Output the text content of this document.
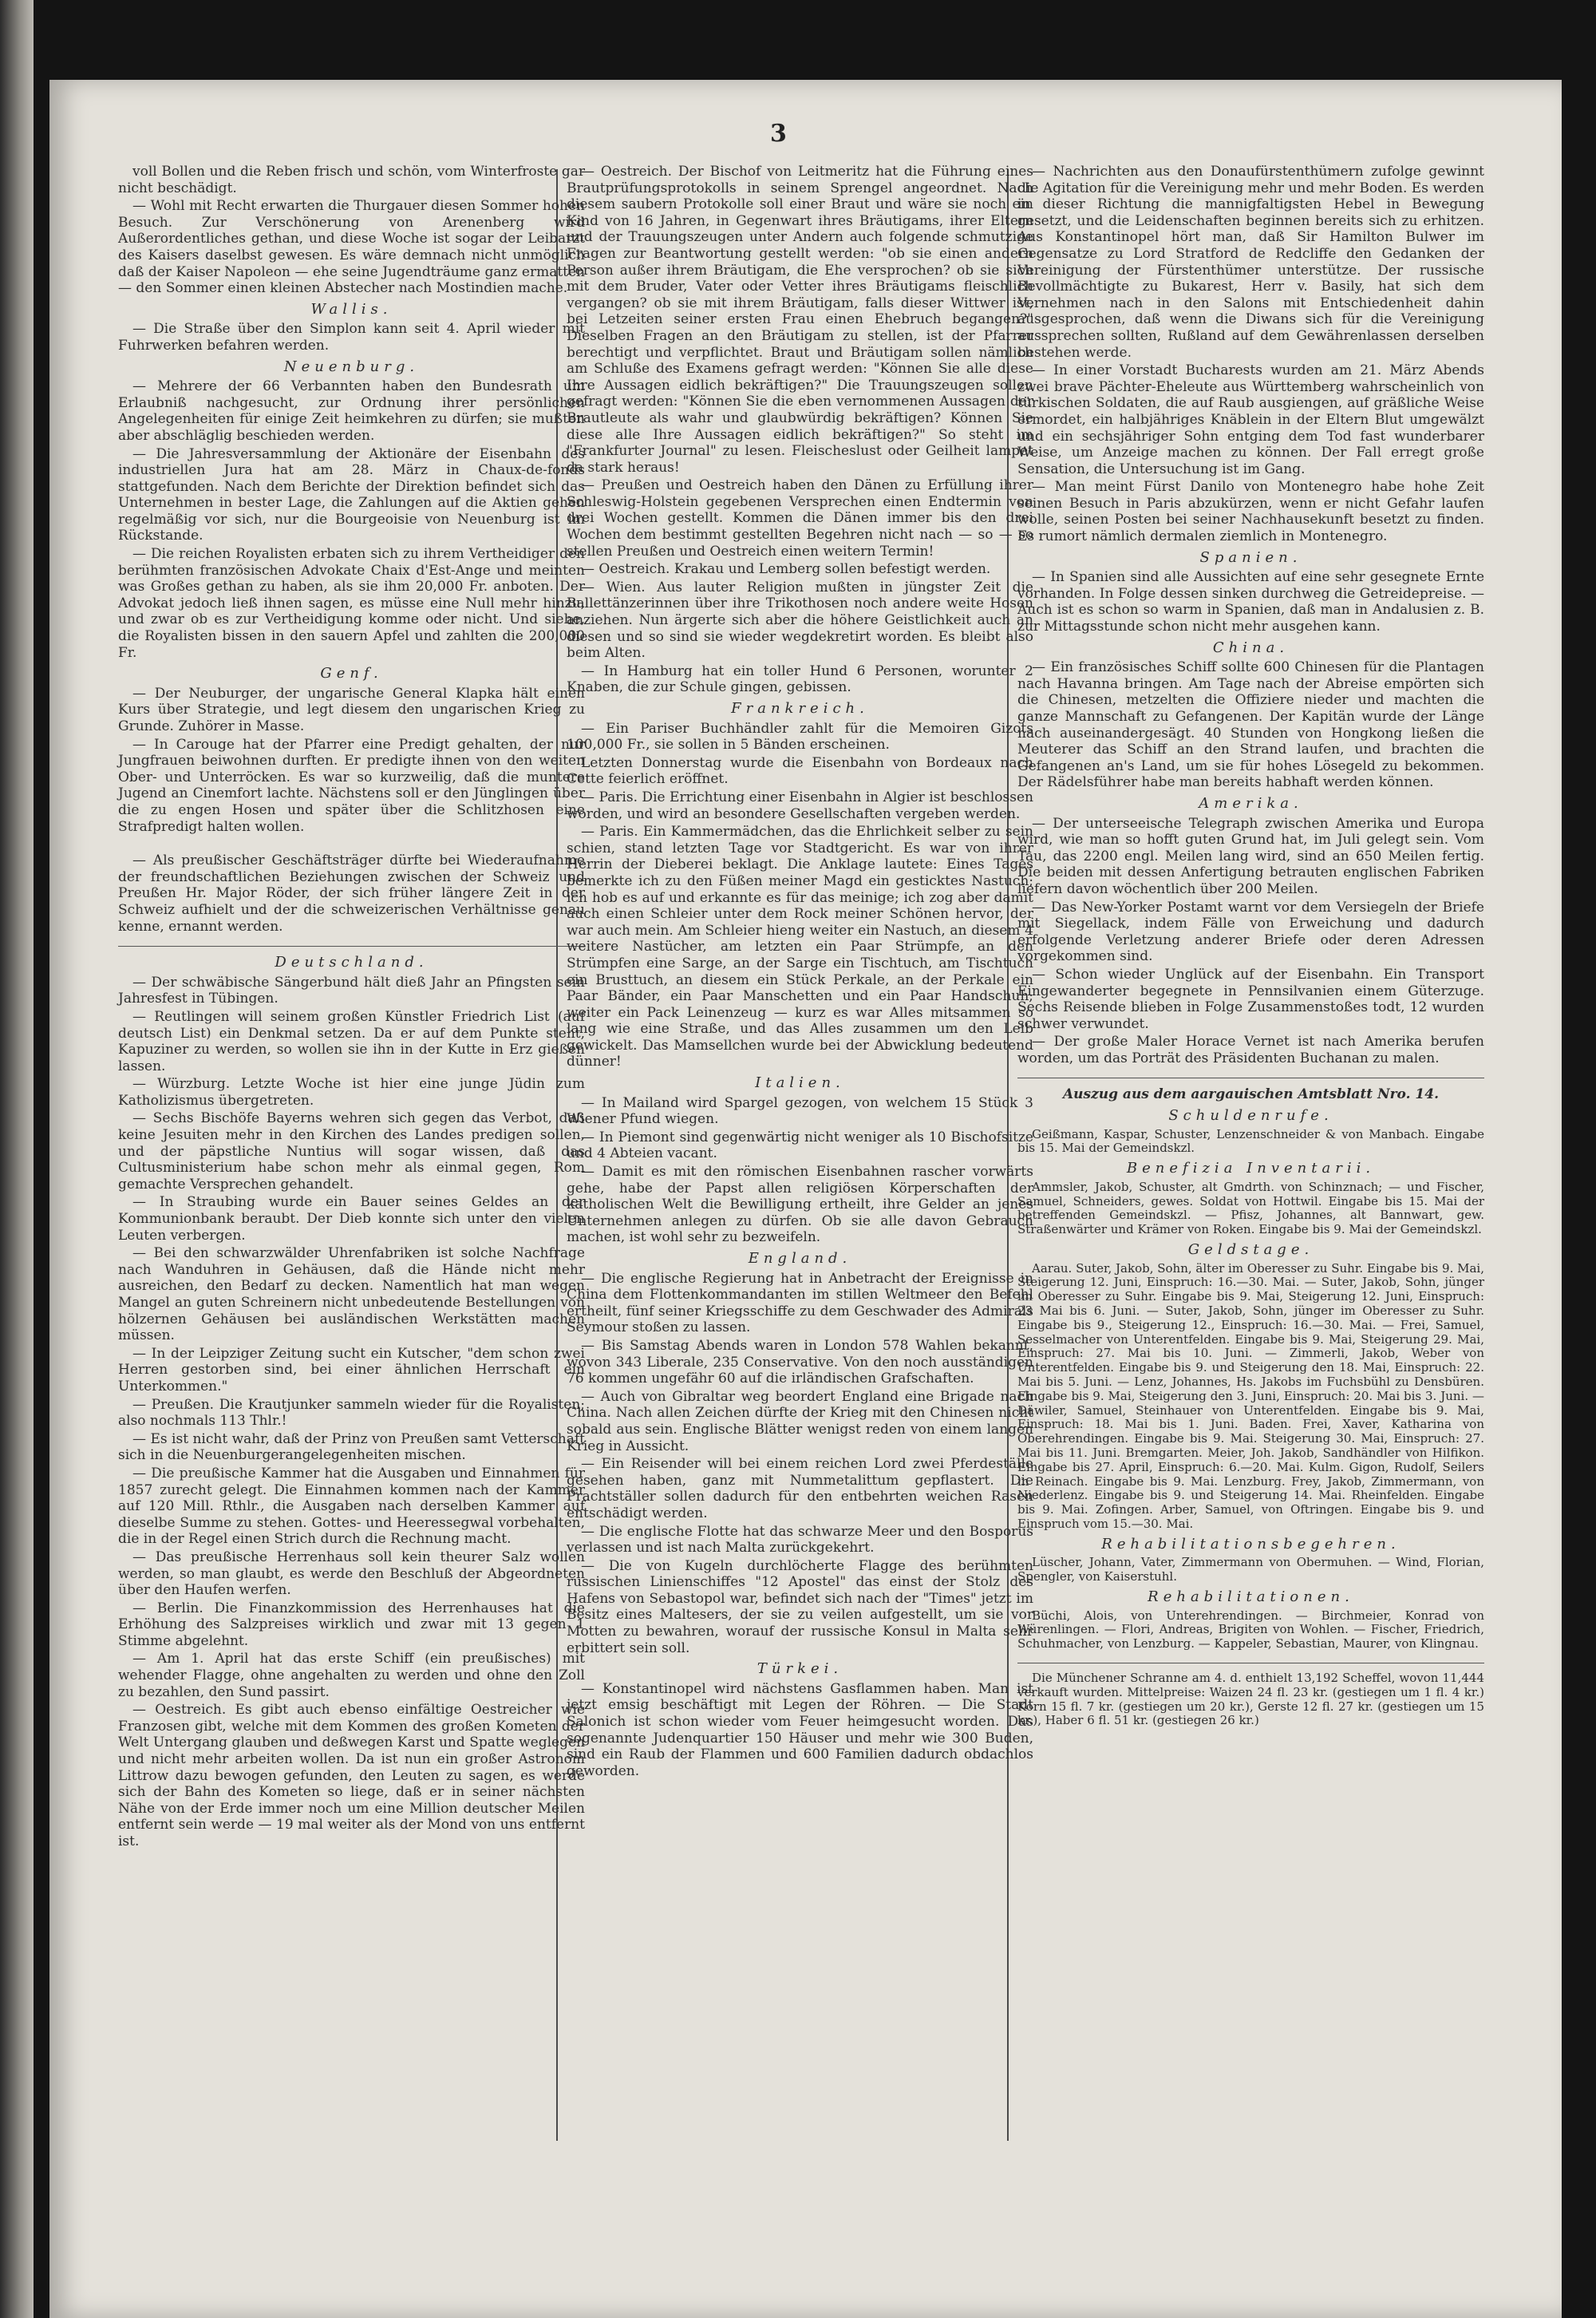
3

voll Bollen und die Reben frisch und schön, vom Winterfroste gar nicht beschädigt.

— Wohl mit Recht erwarten die Thurgauer diesen Sommer hohen Besuch. Zur Verschönerung von Arenenberg wird Außerordentliches gethan, und diese Woche ist sogar der Leibarzt des Kaisers daselbst gewesen. Es wäre demnach nicht unmöglich daß der Kaiser Napoleon — ehe seine Jugendträume ganz ermatten — den Sommer einen kleinen Abstecher nach Mostindien mache.

Wallis.

— Die Straße über den Simplon kann seit 4. April wieder mit Fuhrwerken befahren werden.

Neuenburg.

— Mehrere der 66 Verbannten haben den Bundesrath um Erlaubniß nachgesucht, zur Ordnung ihrer persönlichen Angelegenheiten für einige Zeit heimkehren zu dürfen; sie mußten aber abschläglig beschieden werden.

— Die Jahresversammlung der Aktionäre der Eisenbahn des industriellen Jura hat am 28. März in Chaux-de-fonds stattgefunden. Nach dem Berichte der Direktion befindet sich das Unternehmen in bester Lage, die Zahlungen auf die Aktien gehen regelmäßig vor sich, nur die Bourgeoisie von Neuenburg ist im Rückstande.

— Die reichen Royalisten erbaten sich zu ihrem Vertheidiger den berühmten französischen Advokate Chaix d'Est-Ange und meinten was Großes gethan zu haben, als sie ihm 20,000 Fr. anboten. Der Advokat jedoch ließ ihnen sagen, es müsse eine Null mehr hinzu, und zwar ob es zur Vertheidigung komme oder nicht. Und siehe, die Royalisten bissen in den sauern Apfel und zahlten die 200,000 Fr.

Genf.

— Der Neuburger, der ungarische General Klapka hält einen Kurs über Strategie, und legt diesem den ungarischen Krieg zu Grunde. Zuhörer in Masse.

— In Carouge hat der Pfarrer eine Predigt gehalten, der nur Jungfrauen beiwohnen durften. Er predigte ihnen von den weiten Ober- und Unterröcken. Es war so kurzweilig, daß die muntere Jugend an Cinemfort lachte. Nächstens soll er den Jünglingen über die zu engen Hosen und später über die Schlitzhosen eine Strafpredigt halten wollen.

— Als preußischer Geschäftsträger dürfte bei Wiederaufnahme der freundschaftlichen Beziehungen zwischen der Schweiz und Preußen Hr. Major Röder, der sich früher längere Zeit in der Schweiz aufhielt und der die schweizerischen Verhältnisse genau kenne, ernannt werden.

Deutschland.

— Der schwäbische Sängerbund hält dieß Jahr an Pfingsten sein Jahresfest in Tübingen.

— Reutlingen will seinem großen Künstler Friedrich List (auf deutsch List) ein Denkmal setzen. Da er auf dem Punkte steht, Kapuziner zu werden, so wollen sie ihn in der Kutte in Erz gießen lassen.

— Würzburg. Letzte Woche ist hier eine junge Jüdin zum Katholizismus übergetreten.

— Sechs Bischöfe Bayerns wehren sich gegen das Verbot, daß keine Jesuiten mehr in den Kirchen des Landes predigen sollen, und der päpstliche Nuntius will sogar wissen, daß das Cultusministerium habe schon mehr als einmal gegen, Rom gemachte Versprechen gehandelt.

— In Straubing wurde ein Bauer seines Geldes an der Kommunionbank beraubt. Der Dieb konnte sich unter den vielen Leuten verbergen.

— Bei den schwarzwälder Uhrenfabriken ist solche Nachfrage nach Wanduhren in Gehäusen, daß die Hände nicht mehr ausreichen, den Bedarf zu decken. Namentlich hat man wegen Mangel an guten Schreinern nicht unbedeutende Bestellungen von hölzernen Gehäusen bei ausländischen Werkstätten machen müssen.

— In der Leipziger Zeitung sucht ein Kutscher, "dem schon zwei Herren gestorben sind, bei einer ähnlichen Herrschaft ein Unterkommen."

— Preußen. Die Krautjunker sammeln wieder für die Royalisten; also nochmals 113 Thlr.!

— Es ist nicht wahr, daß der Prinz von Preußen samt Vetterschaft sich in die Neuenburgerangelegenheiten mischen.

— Die preußische Kammer hat die Ausgaben und Einnahmen für 1857 zurecht gelegt. Die Einnahmen kommen nach der Kammer auf 120 Mill. Rthlr., die Ausgaben nach derselben Kammer auf dieselbe Summe zu stehen. Gottes- und Heeressegwal vorbehalten, die in der Regel einen Strich durch die Rechnung macht.

— Das preußische Herrenhaus soll kein theurer Salz wollen werden, so man glaubt, es werde den Beschluß der Abgeordneten über den Haufen werfen.

— Berlin. Die Finanzkommission des Herrenhauses hat die Erhöhung des Salzpreises wirklich und zwar mit 13 gegen 1 Stimme abgelehnt.

— Am 1. April hat das erste Schiff (ein preußisches) mit wehender Flagge, ohne angehalten zu werden und ohne den Zoll zu bezahlen, den Sund passirt.

— Oestreich. Es gibt auch ebenso einfältige Oestreicher wie Franzosen gibt, welche mit dem Kommen des großen Kometen der Welt Untergang glauben und deßwegen Karst und Spatte weglegen und nicht mehr arbeiten wollen. Da ist nun ein großer Astronom Littrow dazu bewogen gefunden, den Leuten zu sagen, es werde sich der Bahn des Kometen so liege, daß er in seiner nächsten Nähe von der Erde immer noch um eine Million deutscher Meilen entfernt sein werde — 19 mal weiter als der Mond von uns entfernt ist.

— Oestreich. Der Bischof von Leitmeritz hat die Führung eines Brautprüfungsprotokolls in seinem Sprengel angeordnet. Nach diesem saubern Protokolle soll einer Braut und wäre sie noch ein Kind von 16 Jahren, in Gegenwart ihres Bräutigams, ihrer Eltern und der Trauungszeugen unter Andern auch folgende schmutzige Fragen zur Beantwortung gestellt werden: "ob sie einen andern Person außer ihrem Bräutigam, die Ehe versprochen? ob sie sich mit dem Bruder, Vater oder Vetter ihres Bräutigams fleischlich vergangen? ob sie mit ihrem Bräutigam, falls dieser Wittwer ist, bei Letzeiten seiner ersten Frau einen Ehebruch begangen?" Dieselben Fragen an den Bräutigam zu stellen, ist der Pfarrer berechtigt und verpflichtet. Braut und Bräutigam sollen nämlich am Schluße des Examens gefragt werden: "Können Sie alle diese Ihre Aussagen eidlich bekräftigen?" Die Trauungszeugen sollen gefragt werden: "Können Sie die eben vernommenen Aussagen der Brautleute als wahr und glaubwürdig bekräftigen? Können Sie diese alle Ihre Aussagen eidlich bekräftigen?" So steht im "Frankfurter Journal" zu lesen. Fleischeslust oder Geilheit lampet da stark heraus!

— Preußen und Oestreich haben den Dänen zu Erfüllung ihrer Schleswig-Holstein gegebenen Versprechen einen Endtermin von drei Wochen gestellt. Kommen die Dänen immer bis den drei Wochen dem bestimmt gestellten Begehren nicht nach — so — so stellen Preußen und Oestreich einen weitern Termin!

— Oestreich. Krakau und Lemberg sollen befestigt werden.

— Wien. Aus lauter Religion mußten in jüngster Zeit die Ballettänzerinnen über ihre Trikothosen noch andere weite Hosen anziehen. Nun ärgerte sich aber die höhere Geistlichkeit auch an diesen und so sind sie wieder wegdekretirt worden. Es bleibt also beim Alten.

— In Hamburg hat ein toller Hund 6 Personen, worunter 2 Knaben, die zur Schule gingen, gebissen.

Frankreich.

— Ein Pariser Buchhändler zahlt für die Memoiren Gizots 100,000 Fr., sie sollen in 5 Bänden erscheinen.

Letzten Donnerstag wurde die Eisenbahn von Bordeaux nach Cette feierlich eröffnet.

— Paris. Die Errichtung einer Eisenbahn in Algier ist beschlossen worden, und wird an besondere Gesellschaften vergeben werden.

— Paris. Ein Kammermädchen, das die Ehrlichkeit selber zu sein schien, stand letzten Tage vor Stadtgericht. Es war von ihrer Herrin der Dieberei beklagt. Die Anklage lautete: Eines Tages bemerkte ich zu den Füßen meiner Magd ein gesticktes Nastuch; ich hob es auf und erkannte es für das meinige; ich zog aber damit auch einen Schleier unter dem Rock meiner Schönen hervor, der war auch mein. Am Schleier hieng weiter ein Nastuch, an diesem 4 weitere Nastücher, am letzten ein Paar Strümpfe, an den Strümpfen eine Sarge, an der Sarge ein Tischtuch, am Tischtuch ein Brusttuch, an diesem ein Stück Perkale, an der Perkale ein Paar Bänder, ein Paar Manschetten und ein Paar Handschuh; weiter ein Pack Leinenzeug — kurz es war Alles mitsammen so lang wie eine Straße, und das Alles zusammen um den Leib gewickelt. Das Mamsellchen wurde bei der Abwicklung bedeutend dünner!

Italien.

— In Mailand wird Spargel gezogen, von welchem 15 Stück 3 Wiener Pfund wiegen.

— In Piemont sind gegenwärtig nicht weniger als 10 Bischofsitze und 4 Abteien vacant.

— Damit es mit den römischen Eisenbahnen rascher vorwärts gehe, habe der Papst allen religiösen Körperschaften der katholischen Welt die Bewilligung ertheilt, ihre Gelder an jenes Unternehmen anlegen zu dürfen. Ob sie alle davon Gebrauch machen, ist wohl sehr zu bezweifeln.

England.

— Die englische Regierung hat in Anbetracht der Ereignisse in China dem Flottenkommandanten im stillen Weltmeer den Befehl ertheilt, fünf seiner Kriegsschiffe zu dem Geschwader des Admirals Seymour stoßen zu lassen.

— Bis Samstag Abends waren in London 578 Wahlen bekannt, wovon 343 Liberale, 235 Conservative. Von den noch ausständigen 76 kommen ungefähr 60 auf die irländischen Grafschaften.

— Auch von Gibraltar weg beordert England eine Brigade nach China. Nach allen Zeichen dürfte der Krieg mit den Chinesen nicht sobald aus sein. Englische Blätter wenigst reden von einem langen Krieg in Aussicht.

— Ein Reisender will bei einem reichen Lord zwei Pferdeställe gesehen haben, ganz mit Nummetalittum gepflastert. Die Prachtställer sollen dadurch für den entbehrten weichen Rasen entschädigt werden.

— Die englische Flotte hat das schwarze Meer und den Bosporus verlassen und ist nach Malta zurückgekehrt.

— Die von Kugeln durchlöcherte Flagge des berühmten russischen Linienschiffes "12 Apostel" das einst der Stolz des Hafens von Sebastopol war, befindet sich nach der "Times" jetzt im Besitz eines Maltesers, der sie zu veilen aufgestellt, um sie vor Motten zu bewahren, worauf der russische Konsul in Malta sehr erbittert sein soll.

Türkei.

— Konstantinopel wird nächstens Gasflammen haben. Man ist jetzt emsig beschäftigt mit Legen der Röhren. — Die Stadt Salonich ist schon wieder vom Feuer heimgesucht worden. Das sogenannte Judenquartier 150 Häuser und mehr wie 300 Buden, sind ein Raub der Flammen und 600 Familien dadurch obdachlos geworden.

— Nachrichten aus den Donaufürstenthümern zufolge gewinnt die Agitation für die Vereinigung mehr und mehr Boden. Es werden in dieser Richtung die mannigfaltigsten Hebel in Bewegung gesetzt, und die Leidenschaften beginnen bereits sich zu erhitzen. Aus Konstantinopel hört man, daß Sir Hamilton Bulwer im Gegensatze zu Lord Stratford de Redcliffe den Gedanken der Vereinigung der Fürstenthümer unterstütze. Der russische Bevollmächtigte zu Bukarest, Herr v. Basily, hat sich dem Vernehmen nach in den Salons mit Entschiedenheit dahin ausgesprochen, daß wenn die Diwans sich für die Vereinigung aussprechen sollten, Rußland auf dem Gewährenlassen derselben bestehen werde.

— In einer Vorstadt Bucharests wurden am 21. März Abends zwei brave Pächter-Eheleute aus Württemberg wahrscheinlich von türkischen Soldaten, die auf Raub ausgiengen, auf gräßliche Weise ermordet, ein halbjähriges Knäblein in der Eltern Blut umgewälzt und ein sechsjähriger Sohn entging dem Tod fast wunderbarer Weise, um Anzeige machen zu können. Der Fall erregt große Sensation, die Untersuchung ist im Gang.

— Man meint Fürst Danilo von Montenegro habe hohe Zeit seinen Besuch in Paris abzukürzen, wenn er nicht Gefahr laufen wolle, seinen Posten bei seiner Nachhausekunft besetzt zu finden. Es rumort nämlich dermalen ziemlich in Montenegro.

Spanien.

— In Spanien sind alle Aussichten auf eine sehr gesegnete Ernte vorhanden. In Folge dessen sinken durchweg die Getreidepreise. — Auch ist es schon so warm in Spanien, daß man in Andalusien z. B. zur Mittagsstunde schon nicht mehr ausgehen kann.

China.

— Ein französisches Schiff sollte 600 Chinesen für die Plantagen nach Havanna bringen. Am Tage nach der Abreise empörten sich die Chinesen, metzelten die Offiziere nieder und machten die ganze Mannschaft zu Gefangenen. Der Kapitän wurde der Länge nach auseinandergesägt. 40 Stunden von Hongkong ließen die Meuterer das Schiff an den Strand laufen, und brachten die Gefangenen an's Land, um sie für hohes Lösegeld zu bekommen. Der Rädelsführer habe man bereits habhaft werden können.

Amerika.

— Der unterseeische Telegraph zwischen Amerika und Europa wird, wie man so hofft guten Grund hat, im Juli gelegt sein. Vom Tau, das 2200 engl. Meilen lang wird, sind an 650 Meilen fertig. Die beiden mit dessen Anfertigung betrauten englischen Fabriken liefern davon wöchentlich über 200 Meilen.

— Das New-Yorker Postamt warnt vor dem Versiegeln der Briefe mit Siegellack, indem Fälle von Erweichung und dadurch erfolgende Verletzung anderer Briefe oder deren Adressen vorgekommen sind.

— Schon wieder Unglück auf der Eisenbahn. Ein Transport Eingewanderter begegnete in Pennsilvanien einem Güterzuge. Sechs Reisende blieben in Folge Zusammenstoßes todt, 12 wurden schwer verwundet.

— Der große Maler Horace Vernet ist nach Amerika berufen worden, um das Porträt des Präsidenten Buchanan zu malen.

Auszug aus dem aargauischen Amtsblatt Nro. 14.
Schuldenrufe.

Geißmann, Kaspar, Schuster, Lenzenschneider & von Manbach. Eingabe bis 15. Mai der Gemeindskzl.

Benefizia Inventarii.

Ammsler, Jakob, Schuster, alt Gmdrth. von Schinznach; — und Fischer, Samuel, Schneiders, gewes. Soldat von Hottwil. Eingabe bis 15. Mai der betreffenden Gemeindskzl. — Pfisz, Johannes, alt Bannwart, gew. Straßenwärter und Krämer von Roken. Eingabe bis 9. Mai der Gemeindskzl.

Geldstage.

Aarau. Suter, Jakob, Sohn, älter im Oberesser zu Suhr. Eingabe bis 9. Mai, Steigerung 12. Juni, Einspruch: 16.—30. Mai. — Suter, Jakob, Sohn, jünger im Oberesser zu Suhr. Eingabe bis 9. Mai, Steigerung 12. Juni, Einspruch: 23 Mai bis 6. Juni. — Suter, Jakob, Sohn, jünger im Oberesser zu Suhr. Eingabe bis 9., Steigerung 12., Einspruch: 16.—30. Mai. — Frei, Samuel, Sesselmacher von Unterentfelden. Eingabe bis 9. Mai, Steigerung 29. Mai, Einspruch: 27. Mai bis 10. Juni. — Zimmerli, Jakob, Weber von Unterentfelden. Eingabe bis 9. und Steigerung den 18. Mai, Einspruch: 22. Mai bis 5. Juni. — Lenz, Johannes, Hs. Jakobs im Fuchsbühl zu Densbüren. Eingabe bis 9. Mai, Steigerung den 3. Juni, Einspruch: 20. Mai bis 3. Juni. — Däwiler, Samuel, Steinhauer von Unterentfelden. Eingabe bis 9. Mai, Einspruch: 18. Mai bis 1. Juni. Baden. Frei, Xaver, Katharina von Oberehrendingen. Eingabe bis 9. Mai. Steigerung 30. Mai, Einspruch: 27. Mai bis 11. Juni. Bremgarten. Meier, Joh. Jakob, Sandhändler von Hilfikon. Eingabe bis 27. April, Einspruch: 6.—20. Mai. Kulm. Gigon, Rudolf, Seilers in Reinach. Eingabe bis 9. Mai. Lenzburg. Frey, Jakob, Zimmermann, von Niederlenz. Eingabe bis 9. und Steigerung 14. Mai. Rheinfelden. Eingabe bis 9. Mai. Zofingen. Arber, Samuel, von Oftringen. Eingabe bis 9. und Einspruch vom 15.—30. Mai.

Rehabilitationsbegehren.

Lüscher, Johann, Vater, Zimmermann von Obermuhen. — Wind, Florian, Spengler, von Kaiserstuhl.

Rehabilitationen.

Büchi, Alois, von Unterehrendingen. — Birchmeier, Konrad von Würenlingen. — Flori, Andreas, Brigiten von Wohlen. — Fischer, Friedrich, Schuhmacher, von Lenzburg. — Kappeler, Sebastian, Maurer, von Klingnau.

Die Münchener Schranne am 4. d. enthielt 13,192 Scheffel, wovon 11,444 verkauft wurden. Mittelpreise: Waizen 24 fl. 23 kr. (gestiegen um 1 fl. 4 kr.) Korn 15 fl. 7 kr. (gestiegen um 20 kr.), Gerste 12 fl. 27 kr. (gestiegen um 15 kr.), Haber 6 fl. 51 kr. (gestiegen 26 kr.)
